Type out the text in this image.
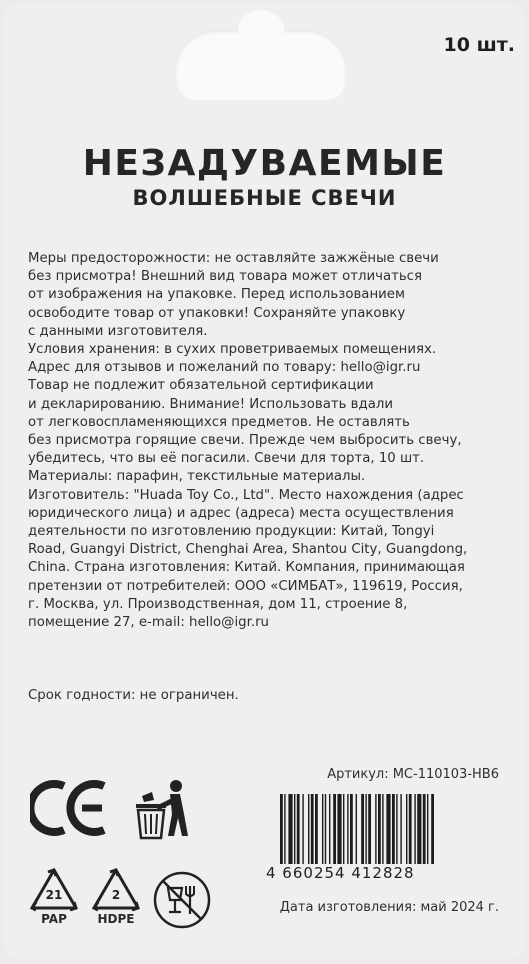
10 шт.
НЕЗАДУВАЕМЫЕ
ВОЛШЕБНЫЕ СВЕЧИ

Меры предосторожности: не оставляйте зажжёные свечи
без присмотра! Внешний вид товара может отличаться
от изображения на упаковке. Перед использованием
освободите товар от упаковки! Сохраняйте упаковку
с данными изготовителя.
Условия хранения: в сухих проветриваемых помещениях.
Адрес для отзывов и пожеланий по товару: hello@igr.ru
Товар не подлежит обязательной сертификации
и декларированию. Внимание! Использовать вдали
от легковоспламеняющихся предметов. Не оставлять
без присмотра горящие свечи. Прежде чем выбросить свечу,
убедитесь, что вы её погасили. Свечи для торта, 10 шт.
Материалы: парафин, текстильные материалы.
Изготовитель: "Huada Toy Co., Ltd". Место нахождения (адрес
юридического лица) и адрес (адреса) места осуществления
деятельности по изготовлению продукции: Китай, Tongyi
Road, Guangyi District, Chenghai Area, Shantou City, Guangdong,
China. Страна изготовления: Китай. Компания, принимающая
претензии от потребителей: ООО «СИМБАТ», 119619, Россия,
г. Москва, ул. Производственная, дом 11, строение 8,
помещение 27, e-mail: hello@igr.ru

Срок годности: не ограничен.
Артикул: MC-110103-HB6
4 660254 412828
Дата изготовления: май 2024 г.
21
PAP
2
HDPE
